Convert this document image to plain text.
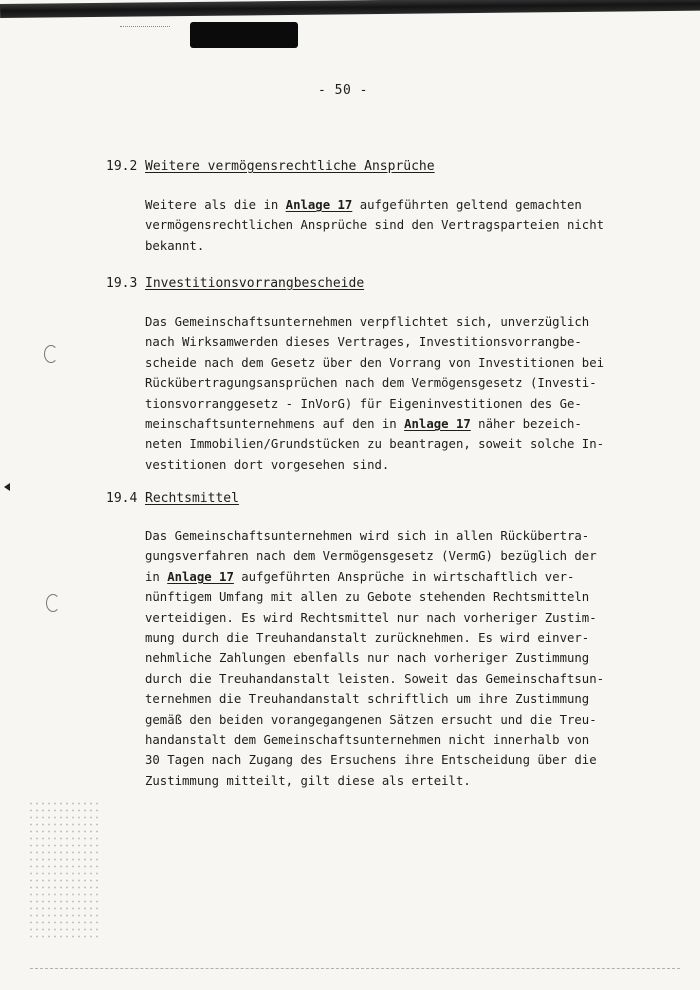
- 50 -
19.2 Weitere vermögensrechtliche Ansprüche
Weitere als die in Anlage 17 aufgeführten geltend gemachten
vermögensrechtlichen Ansprüche sind den Vertragsparteien nicht
bekannt.
19.3 Investitionsvorrangbescheide
Das Gemeinschaftsunternehmen verpflichtet sich, unverzüglich
nach Wirksamwerden dieses Vertrages, Investitionsvorrangbe-
scheide nach dem Gesetz über den Vorrang von Investitionen bei
Rückübertragungsansprüchen nach dem Vermögensgesetz (Investi-
tionsvorranggesetz - InVorG) für Eigeninvestitionen des Ge-
meinschaftsunternehmens auf den in Anlage 17 näher bezeich-
neten Immobilien/Grundstücken zu beantragen, soweit solche In-
vestitionen dort vorgesehen sind.
19.4 Rechtsmittel
Das Gemeinschaftsunternehmen wird sich in allen Rückübertra-
gungsverfahren nach dem Vermögensgesetz (VermG) bezüglich der
in Anlage 17 aufgeführten Ansprüche in wirtschaftlich ver-
nünftigem Umfang mit allen zu Gebote stehenden Rechtsmitteln
verteidigen. Es wird Rechtsmittel nur nach vorheriger Zustim-
mung durch die Treuhandanstalt zurücknehmen. Es wird einver-
nehmliche Zahlungen ebenfalls nur nach vorheriger Zustimmung
durch die Treuhandanstalt leisten. Soweit das Gemeinschaftsun-
ternehmen die Treuhandanstalt schriftlich um ihre Zustimmung
gemäß den beiden vorangegangenen Sätzen ersucht und die Treu-
handanstalt dem Gemeinschaftsunternehmen nicht innerhalb von
30 Tagen nach Zugang des Ersuchens ihre Entscheidung über die
Zustimmung mitteilt, gilt diese als erteilt.
